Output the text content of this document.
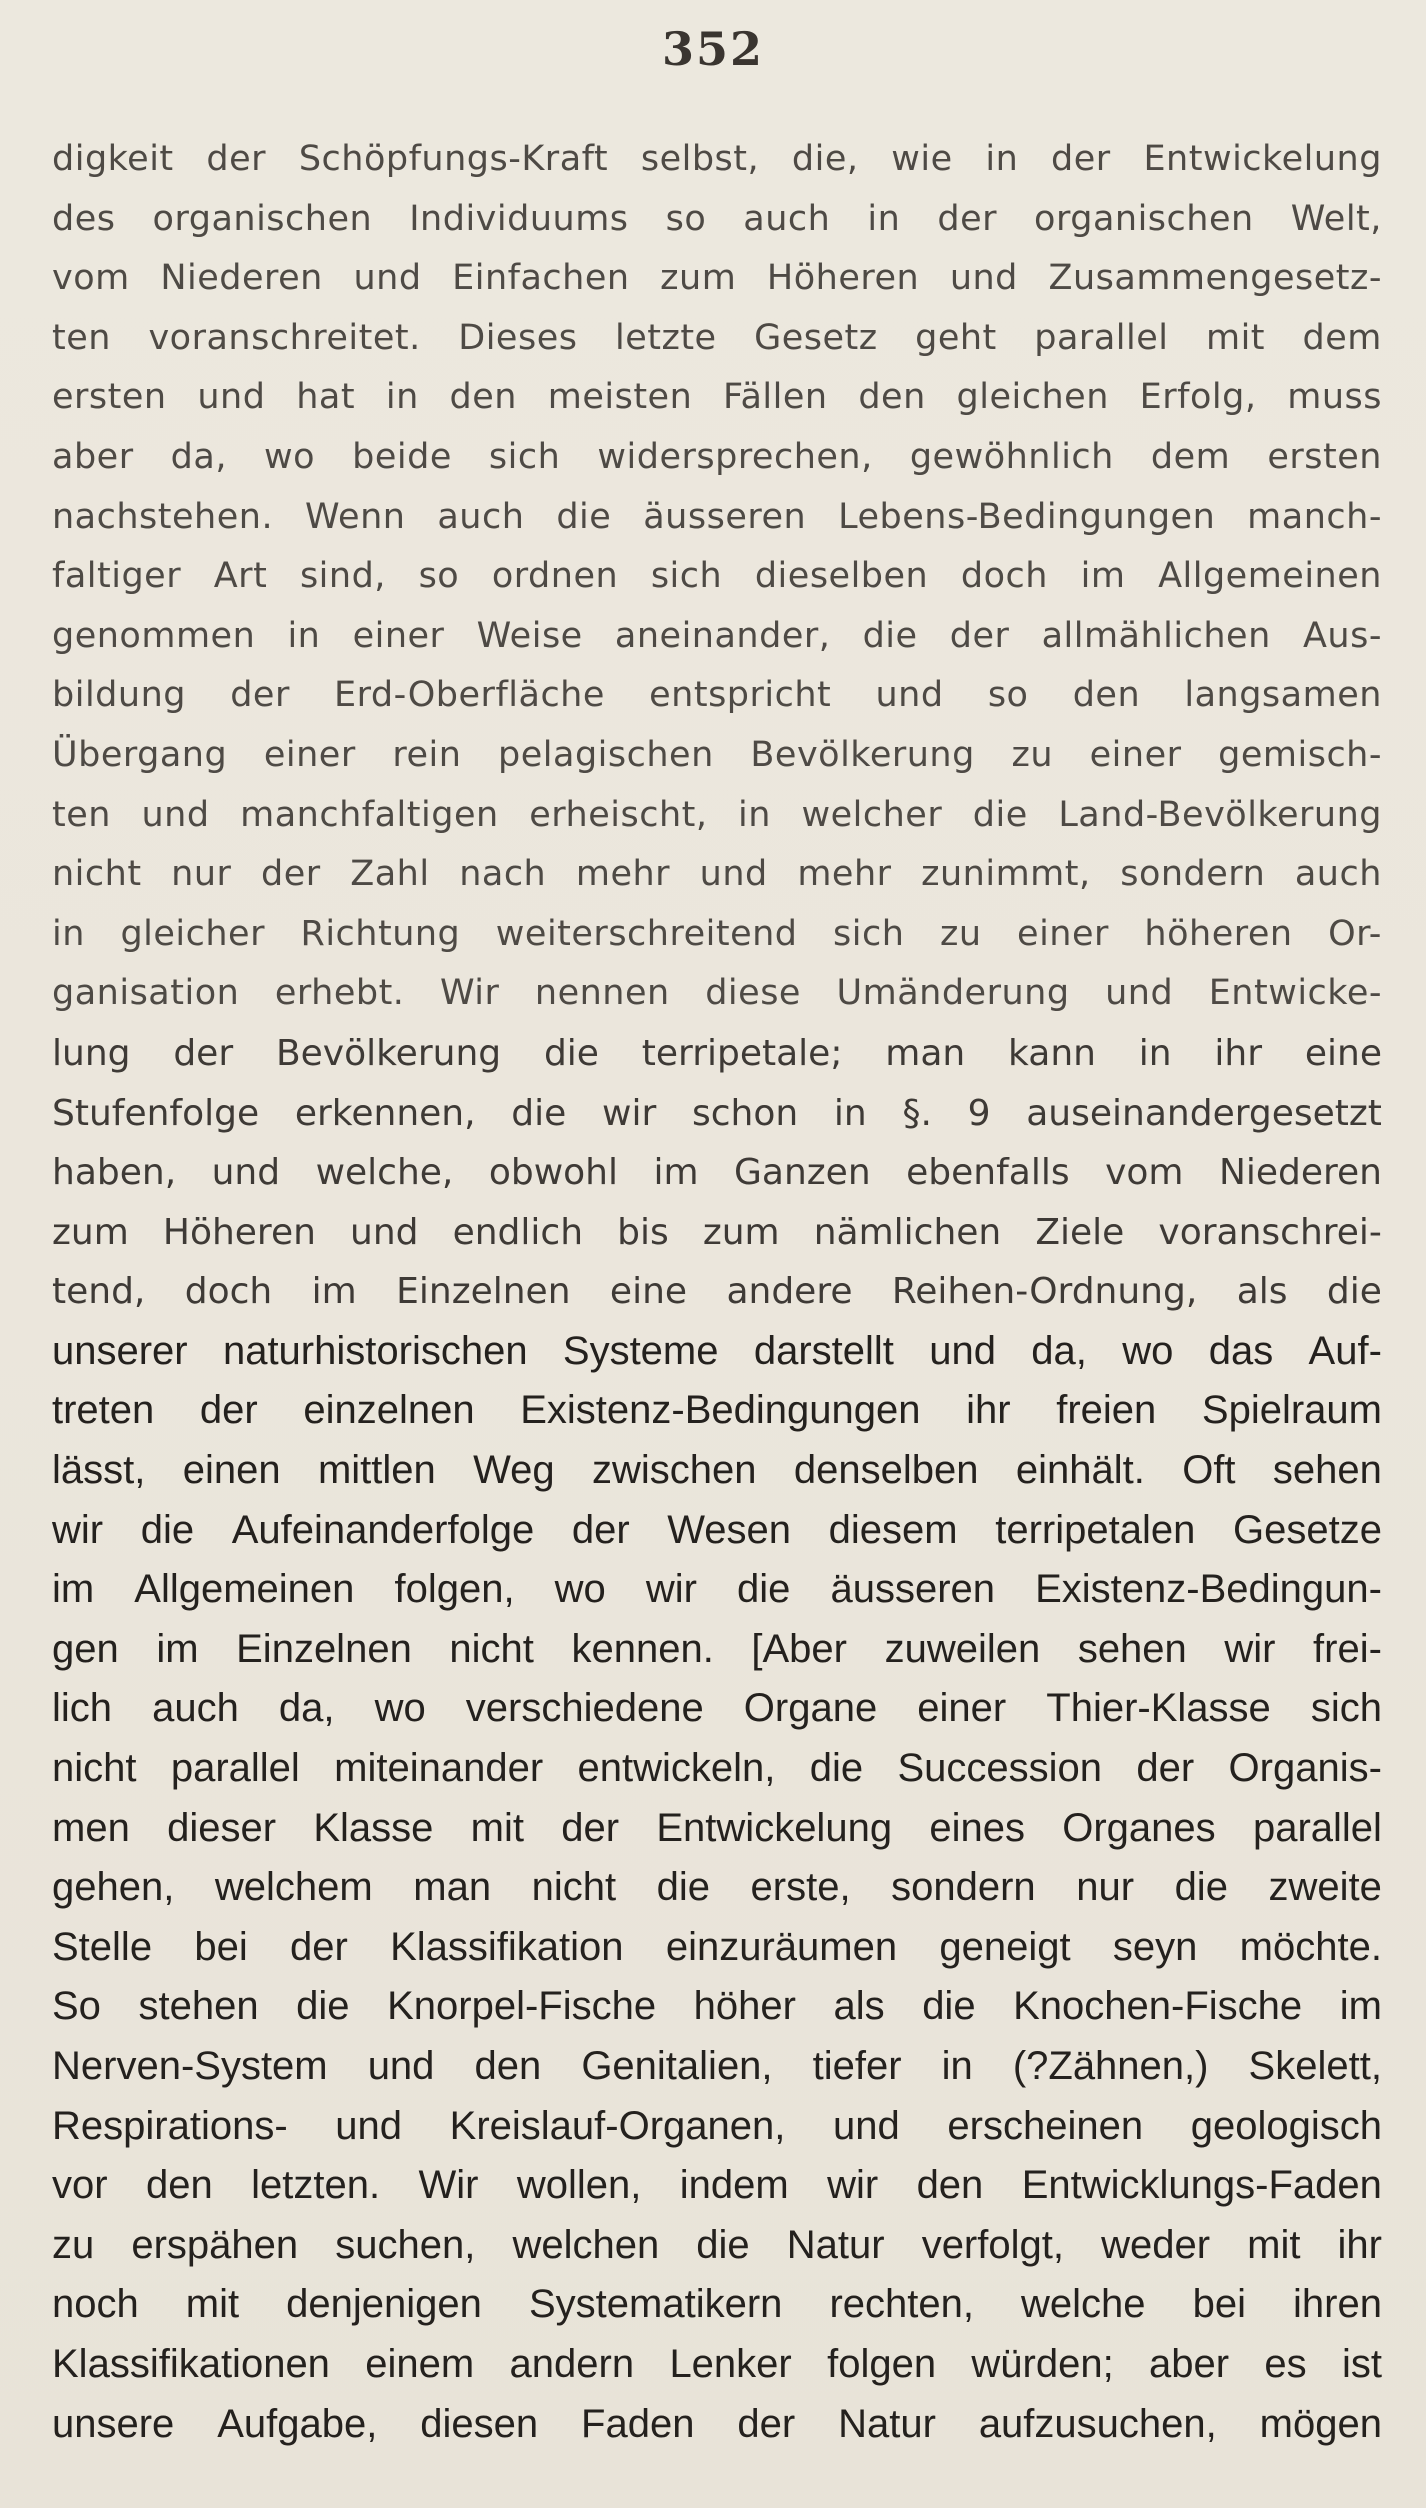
352
digkeit der Schöpfungs-Kraft selbst, die, wie in der Entwickelung
des organischen Individuums so auch in der organischen Welt,
vom Niederen und Einfachen zum Höheren und Zusammengesetz-
ten voranschreitet. Dieses letzte Gesetz geht parallel mit dem
ersten und hat in den meisten Fällen den gleichen Erfolg, muss
aber da, wo beide sich widersprechen, gewöhnlich dem ersten
nachstehen. Wenn auch die äusseren Lebens-Bedingungen manch-
faltiger Art sind, so ordnen sich dieselben doch im Allgemeinen
genommen in einer Weise aneinander, die der allmählichen Aus-
bildung der Erd-Oberfläche entspricht und so den langsamen
Übergang einer rein pelagischen Bevölkerung zu einer gemisch-
ten und manchfaltigen erheischt, in welcher die Land-Bevölkerung
nicht nur der Zahl nach mehr und mehr zunimmt, sondern auch
in gleicher Richtung weiterschreitend sich zu einer höheren Or-
ganisation erhebt. Wir nennen diese Umänderung und Entwicke-
lung der Bevölkerung die terripetale; man kann in ihr eine
Stufenfolge erkennen, die wir schon in §. 9 auseinandergesetzt
haben, und welche, obwohl im Ganzen ebenfalls vom Niederen
zum Höheren und endlich bis zum nämlichen Ziele voranschrei-
tend, doch im Einzelnen eine andere Reihen-Ordnung, als die
unserer naturhistorischen Systeme darstellt und da, wo das Auf-
treten der einzelnen Existenz-Bedingungen ihr freien Spielraum
lässt, einen mittlen Weg zwischen denselben einhält. Oft sehen
wir die Aufeinanderfolge der Wesen diesem terripetalen Gesetze
im Allgemeinen folgen, wo wir die äusseren Existenz-Bedingun-
gen im Einzelnen nicht kennen. [Aber zuweilen sehen wir frei-
lich auch da, wo verschiedene Organe einer Thier-Klasse sich
nicht parallel miteinander entwickeln, die Succession der Organis-
men dieser Klasse mit der Entwickelung eines Organes parallel
gehen, welchem man nicht die erste, sondern nur die zweite
Stelle bei der Klassifikation einzuräumen geneigt seyn möchte.
So stehen die Knorpel-Fische höher als die Knochen-Fische im
Nerven-System und den Genitalien, tiefer in (?Zähnen,) Skelett,
Respirations- und Kreislauf-Organen, und erscheinen geologisch
vor den letzten. Wir wollen, indem wir den Entwicklungs-Faden
zu erspähen suchen, welchen die Natur verfolgt, weder mit ihr
noch mit denjenigen Systematikern rechten, welche bei ihren
Klassifikationen einem andern Lenker folgen würden; aber es ist
unsere Aufgabe, diesen Faden der Natur aufzusuchen, mögen
